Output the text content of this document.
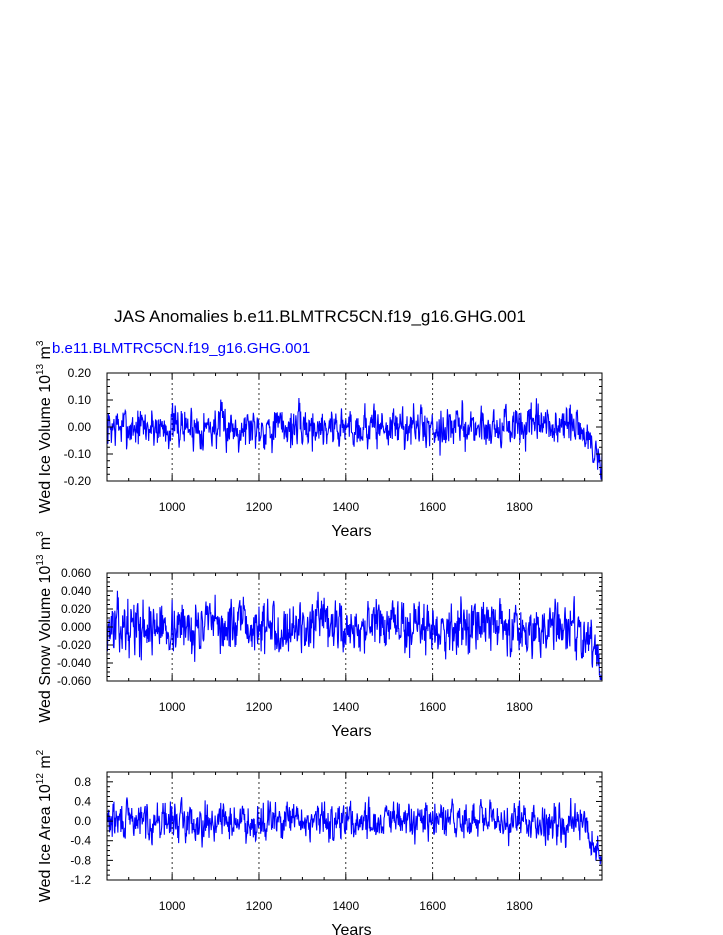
JAS Anomalies b.e11.BLMTRC5CN.f19_g16.GHG.001
b.e11.BLMTRC5CN.f19_g16.GHG.001
1000	1200	1400	1600	1800
-0.20
-0.10
0.00
0.10
0.20
Years
Wed Ice Volume $10^{13}$ $m^3$
1000	1200	1400	1600	1800
-0.060
-0.040
-0.020
0.000
0.020
0.040
0.060
Years
Wed Snow Volume $10^{13}$ $m^3$
1000	1200	1400	1600	1800
-1.2
-0.8
-0.4
0.0
0.4
0.8
Years
Wed Ice Area $10^{12}$ $m^2$
